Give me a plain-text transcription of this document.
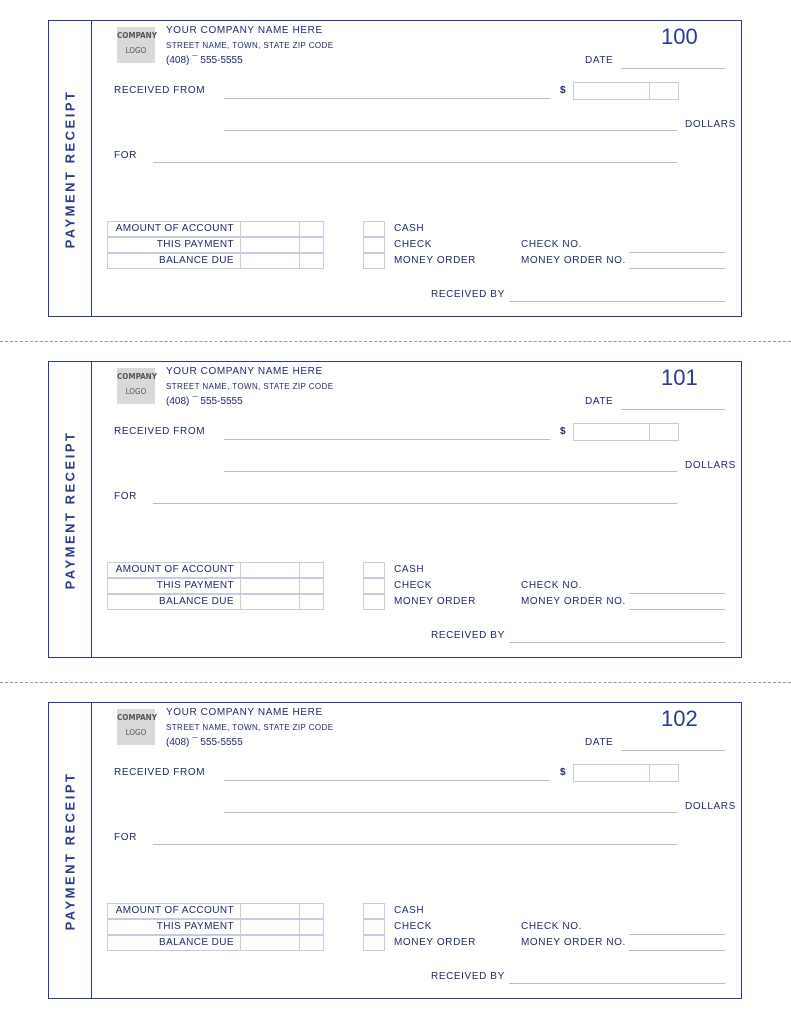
PAYMENT RECEIPT
COMPANY
LOGO
YOUR COMPANY NAME HERE
STREET NAME, TOWN, STATE ZIP CODE
(408) ¯ 555-5555
100
DATE
RECEIVED FROM	$
DOLLARS
FOR
AMOUNT OF ACCOUNT
THIS PAYMENT
BALANCE DUE
CASH
CHECK
MONEY ORDER
CHECK NO.
MONEY ORDER NO.
RECEIVED BY
PAYMENT RECEIPT
COMPANY
LOGO
YOUR COMPANY NAME HERE
STREET NAME, TOWN, STATE ZIP CODE
(408) ¯ 555-5555
101
DATE
RECEIVED FROM	$
DOLLARS
FOR
AMOUNT OF ACCOUNT
THIS PAYMENT
BALANCE DUE
CASH
CHECK
MONEY ORDER
CHECK NO.
MONEY ORDER NO.
RECEIVED BY
PAYMENT RECEIPT
COMPANY
LOGO
YOUR COMPANY NAME HERE
STREET NAME, TOWN, STATE ZIP CODE
(408) ¯ 555-5555
102
DATE
RECEIVED FROM	$
DOLLARS
FOR
AMOUNT OF ACCOUNT
THIS PAYMENT
BALANCE DUE
CASH
CHECK
MONEY ORDER
CHECK NO.
MONEY ORDER NO.
RECEIVED BY
